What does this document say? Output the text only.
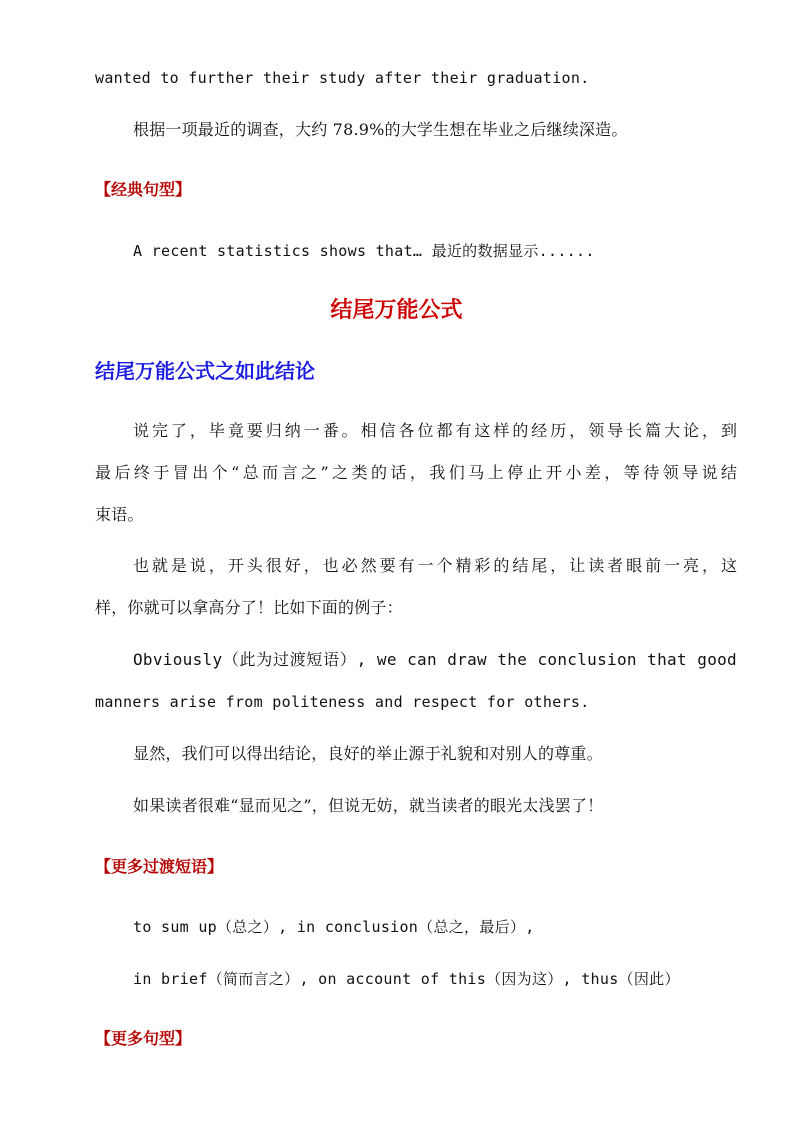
wanted to further their study after their graduation.
根据一项最近的调查，大约 78.9%的大学生想在毕业之后继续深造。
【经典句型】
A recent statistics shows that… 最近的数据显示......
结尾万能公式
结尾万能公式之如此结论
说完了，毕竟要归纳一番。相信各位都有这样的经历，领导长篇大论，到
最后终于冒出个“总而言之”之类的话，我们马上停止开小差，等待领导说结
束语。
也就是说，开头很好，也必然要有一个精彩的结尾，让读者眼前一亮，这
样，你就可以拿高分了！比如下面的例子：
Obviously（此为过渡短语）, we can draw the conclusion that good
manners arise from politeness and respect for others.
显然，我们可以得出结论，良好的举止源于礼貌和对别人的尊重。
如果读者很难“显而见之”，但说无妨，就当读者的眼光太浅罢了！
【更多过渡短语】
to sum up（总之）, in conclusion（总之，最后）,
in brief（简而言之）, on account of this（因为这）, thus（因此）
【更多句型】
